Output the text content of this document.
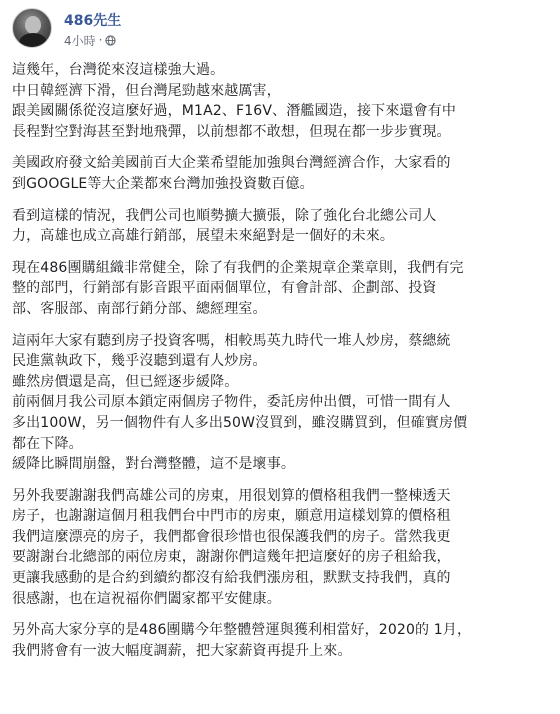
486先生
4小時 ·
這幾年，台灣從來沒這樣強大過。
中日韓經濟下滑，但台灣尾勁越來越厲害，
跟美國關係從沒這麼好過，M1A2、F16V、潛艦國造，接下來還會有中
長程對空對海甚至對地飛彈，以前想都不敢想，但現在都一步步實現。
美國政府發文給美國前百大企業希望能加強與台灣經濟合作，大家看的
到GOOGLE等大企業都來台灣加強投資數百億。
看到這樣的情況，我們公司也順勢擴大擴張，除了強化台北總公司人
力，高雄也成立高雄行銷部，展望未來絕對是一個好的未來。
現在486團購組織非常健全，除了有我們的企業規章企業章則，我們有完
整的部門，行銷部有影音跟平面兩個單位，有會計部、企劃部、投資
部、客服部、南部行銷分部、總經理室。
這兩年大家有聽到房子投資客嗎，相較馬英九時代一堆人炒房，蔡總統
民進黨執政下，幾乎沒聽到還有人炒房。
雖然房價還是高，但已經逐步緩降。
前兩個月我公司原本鎖定兩個房子物件，委託房仲出價，可惜一間有人
多出100W，另一個物件有人多出50W沒買到，雖沒購買到，但確實房價
都在下降。
緩降比瞬間崩盤，對台灣整體，這不是壞事。
另外我要謝謝我們高雄公司的房東，用很划算的價格租我們一整棟透天
房子，也謝謝這個月租我們台中門市的房東，願意用這樣划算的價格租
我們這麼漂亮的房子，我們都會很珍惜也很保護我們的房子。當然我更
要謝謝台北總部的兩位房東，謝謝你們這幾年把這麼好的房子租給我，
更讓我感動的是合約到續約都沒有給我們漲房租，默默支持我們，真的
很感謝，也在這祝福你們闔家都平安健康。
另外高大家分享的是486團購今年整體營運與獲利相當好，2020的 1月，
我們將會有一波大幅度調薪，把大家薪資再提升上來。
